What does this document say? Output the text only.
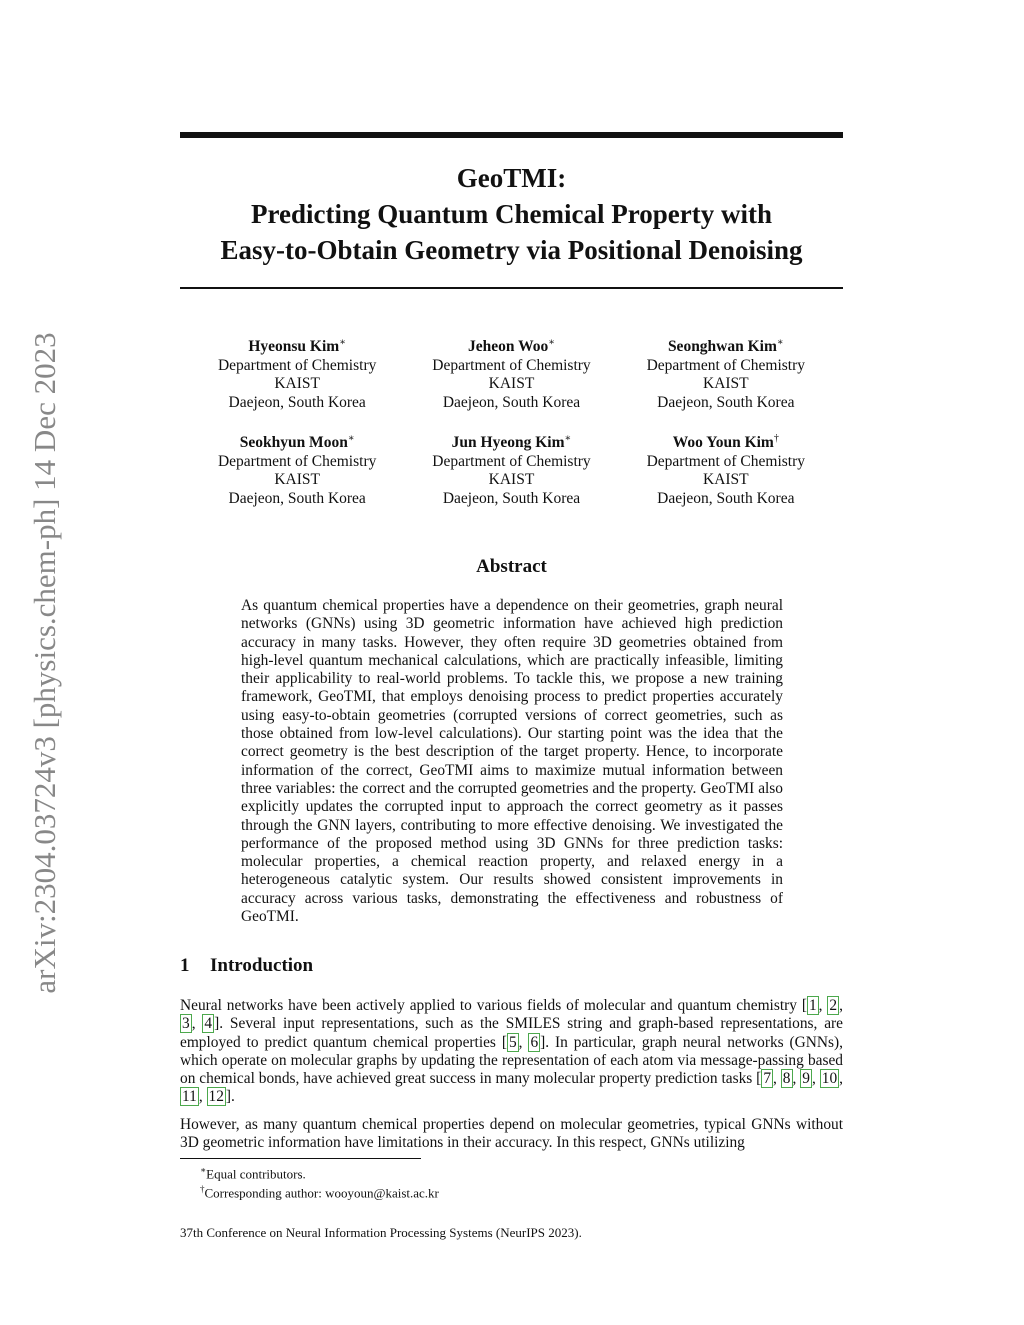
arXiv:2304.03724v3 [physics.chem-ph] 14 Dec 2023
GeoTMI:
Predicting Quantum Chemical Property with
Easy-to-Obtain Geometry via Positional Denoising
Hyeonsu Kim∗
Department of Chemistry
KAIST
Daejeon, South Korea
Jeheon Woo∗
Department of Chemistry
KAIST
Daejeon, South Korea
Seonghwan Kim∗
Department of Chemistry
KAIST
Daejeon, South Korea
Seokhyun Moon∗
Department of Chemistry
KAIST
Daejeon, South Korea
Jun Hyeong Kim∗
Department of Chemistry
KAIST
Daejeon, South Korea
Woo Youn Kim†
Department of Chemistry
KAIST
Daejeon, South Korea
Abstract

As quantum chemical properties have a dependence on their geometries, graph neural networks (GNNs) using 3D geometric information have achieved high prediction accuracy in many tasks. However, they often require 3D geometries obtained from high-level quantum mechanical calculations, which are practically infeasible, limiting their applicability to real-world problems. To tackle this, we propose a new training framework, GeoTMI, that employs denoising process to predict properties accurately using easy-to-obtain geometries (corrupted versions of correct geometries, such as those obtained from low-level calculations). Our starting point was the idea that the correct geometry is the best description of the target property. Hence, to incorporate information of the correct, GeoTMI aims to maximize mutual information between three variables: the correct and the corrupted geometries and the property. GeoTMI also explicitly updates the corrupted input to approach the correct geometry as it passes through the GNN layers, contributing to more effective denoising. We investigated the performance of the proposed method using 3D GNNs for three prediction tasks: molecular properties, a chemical reaction property, and relaxed energy in a heterogeneous catalytic system. Our results showed consistent improvements in accuracy across various tasks, demonstrating the effectiveness and robustness of GeoTMI.

1 Introduction

Neural networks have been actively applied to various fields of molecular and quantum chemistry [ 1 , 2 , 3 , 4 ]. Several input representations, such as the SMILES string and graph-based representations, are employed to predict quantum chemical properties [ 5 , 6 ]. In particular, graph neural networks (GNNs), which operate on molecular graphs by updating the representation of each atom via message-passing based on chemical bonds, have achieved great success in many molecular property prediction tasks [ 7 , 8 , 9 , 10 , 11 , 12 ].

However, as many quantum chemical properties depend on molecular geometries, typical GNNs without 3D geometric information have limitations in their accuracy. In this respect, GNNs utilizing

∗Equal contributors.

†Corresponding author: wooyoun@kaist.ac.kr

37th Conference on Neural Information Processing Systems (NeurIPS 2023).
